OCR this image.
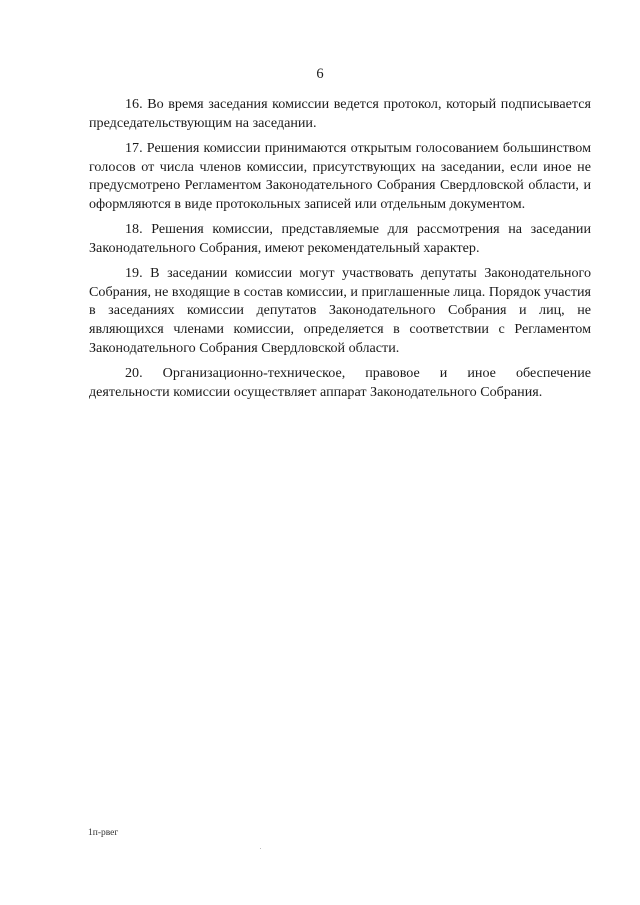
6

16. Во время заседания комиссии ведется протокол, который подписывается председательствующим на заседании.

17. Решения комиссии принимаются открытым голосованием большинством голосов от числа членов комиссии, присутствующих на заседании, если иное не предусмотрено Регламентом Законодательного Собрания Свердловской области, и оформляются в виде протокольных записей или отдельным документом.

18. Решения комиссии, представляемые для рассмотрения на заседании Законодательного Собрания, имеют рекомендательный характер.

19. В заседании комиссии могут участвовать депутаты Законодательного Собрания, не входящие в состав комиссии, и приглашенные лица. Порядок участия в заседаниях комиссии депутатов Законодательного Собрания и лиц, не являющихся членами комиссии, определяется в соответствии с Регламентом Законодательного Собрания Свердловской области.

20. Организационно-техническое, правовое и иное обеспечение деятельности комиссии осуществляет аппарат Законодательного Собрания.

1п-рвег
